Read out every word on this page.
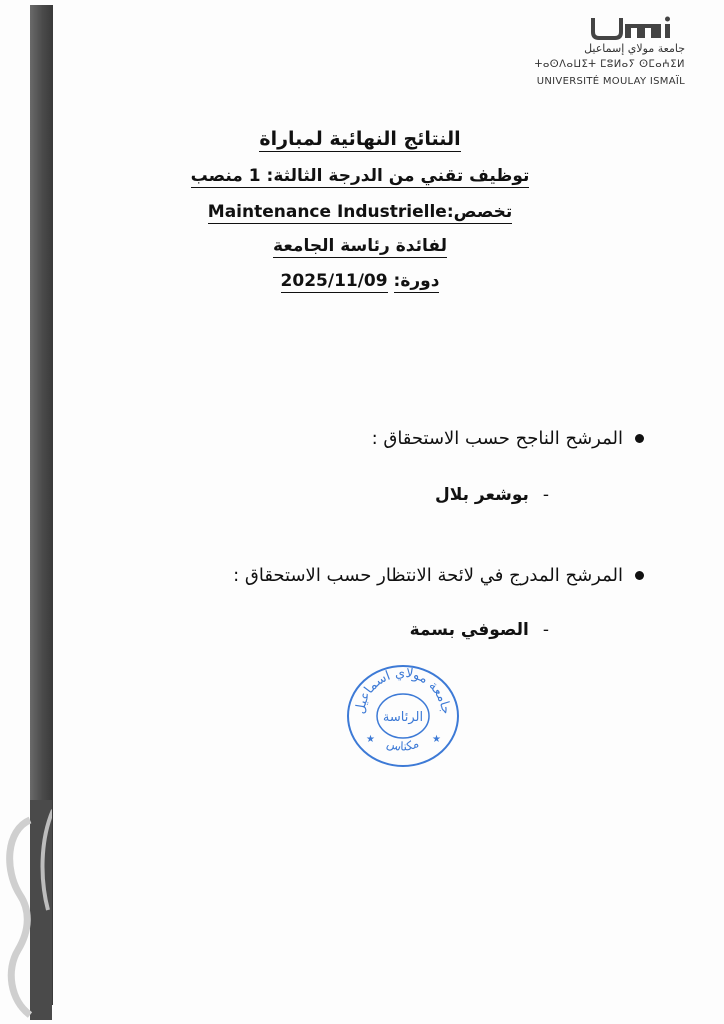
جامعة مولاي إسماعيل
ⵜⴰⵙⴷⴰⵡⵉⵜ ⵎⵓⵍⴰⵢ ⵙⵎⴰⵄⵉⵍ
UNIVERSITÉ MOULAY ISMAÏL
النتائج النهائية لمباراة
توظيف تقني من الدرجة الثالثة: 1 منصب
تخصص:Maintenance Industrielle
لفائدة رئاسة الجامعة
دورة: 2025/11/09
المرشح الناجح حسب الاستحقاق :
-بوشعر بلال
المرشح المدرج في لائحة الانتظار حسب الاستحقاق :
-الصوفي بسمة
جامعة مولاي اسماعيل
الرئاسة
مكناس
★	★
